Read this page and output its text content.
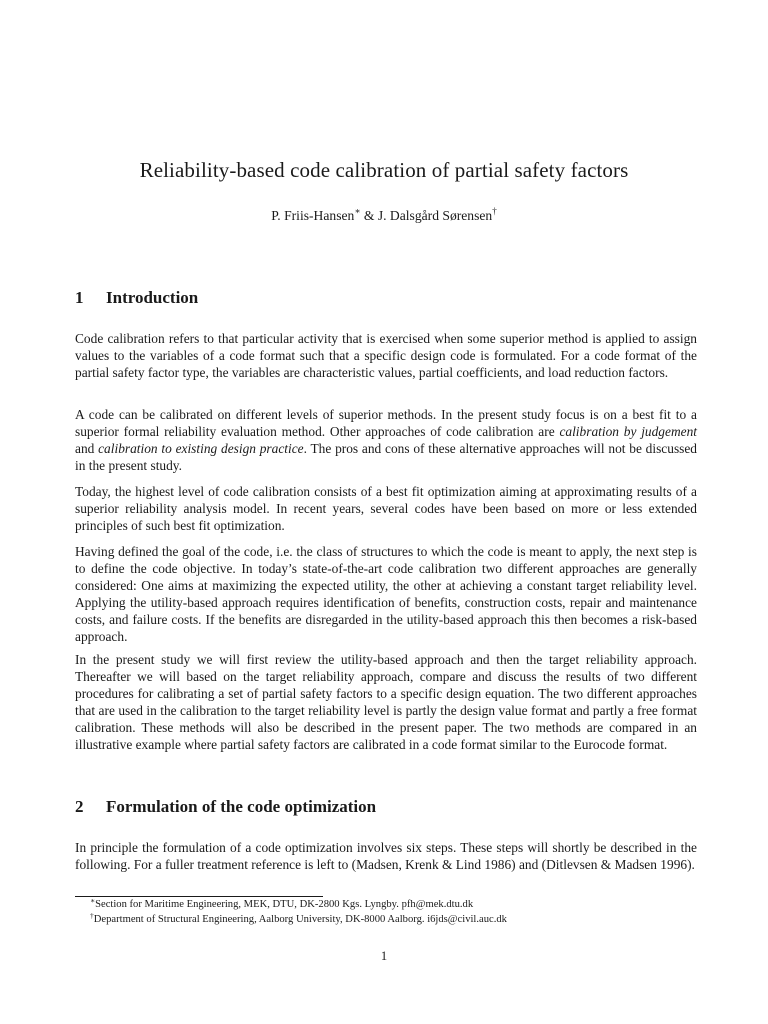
Reliability-based code calibration of partial safety factors
P. Friis-Hansen∗ & J. Dalsgård Sørensen†
1 Introduction

Code calibration refers to that particular activity that is exercised when some superior method is applied to assign values to the variables of a code format such that a specific design code is formulated. For a code format of the partial safety factor type, the variables are characteristic values, partial coefficients, and load reduction factors.

A code can be calibrated on different levels of superior methods. In the present study focus is on a best fit to a superior formal reliability evaluation method. Other approaches of code calibration are calibration by judgement and calibration to existing design practice. The pros and cons of these alternative approaches will not be discussed in the present study.

Today, the highest level of code calibration consists of a best fit optimization aiming at approximating results of a superior reliability analysis model. In recent years, several codes have been based on more or less extended principles of such best fit optimization.

Having defined the goal of the code, i.e. the class of structures to which the code is meant to apply, the next step is to define the code objective. In today’s state-of-the-art code calibration two different approaches are generally considered: One aims at maximizing the expected utility, the other at achieving a constant target reliability level. Applying the utility-based approach requires identification of benefits, construction costs, repair and maintenance costs, and failure costs. If the benefits are disregarded in the utility-based approach this then becomes a risk-based approach.

In the present study we will first review the utility-based approach and then the target reliability approach. Thereafter we will based on the target reliability approach, compare and discuss the results of two different procedures for calibrating a set of partial safety factors to a specific design equation. The two different approaches that are used in the calibration to the target reliability level is partly the design value format and partly a free format calibration. These methods will also be described in the present paper. The two methods are compared in an illustrative example where partial safety factors are calibrated in a code format similar to the Eurocode format.

2 Formulation of the code optimization

In principle the formulation of a code optimization involves six steps. These steps will shortly be described in the following. For a fuller treatment reference is left to (Madsen, Krenk & Lind 1986) and (Ditlevsen & Madsen 1996).

∗Section for Maritime Engineering, MEK, DTU, DK-2800 Kgs. Lyngby. pfh@mek.dtu.dk
†Department of Structural Engineering, Aalborg University, DK-8000 Aalborg. i6jds@civil.auc.dk
1
